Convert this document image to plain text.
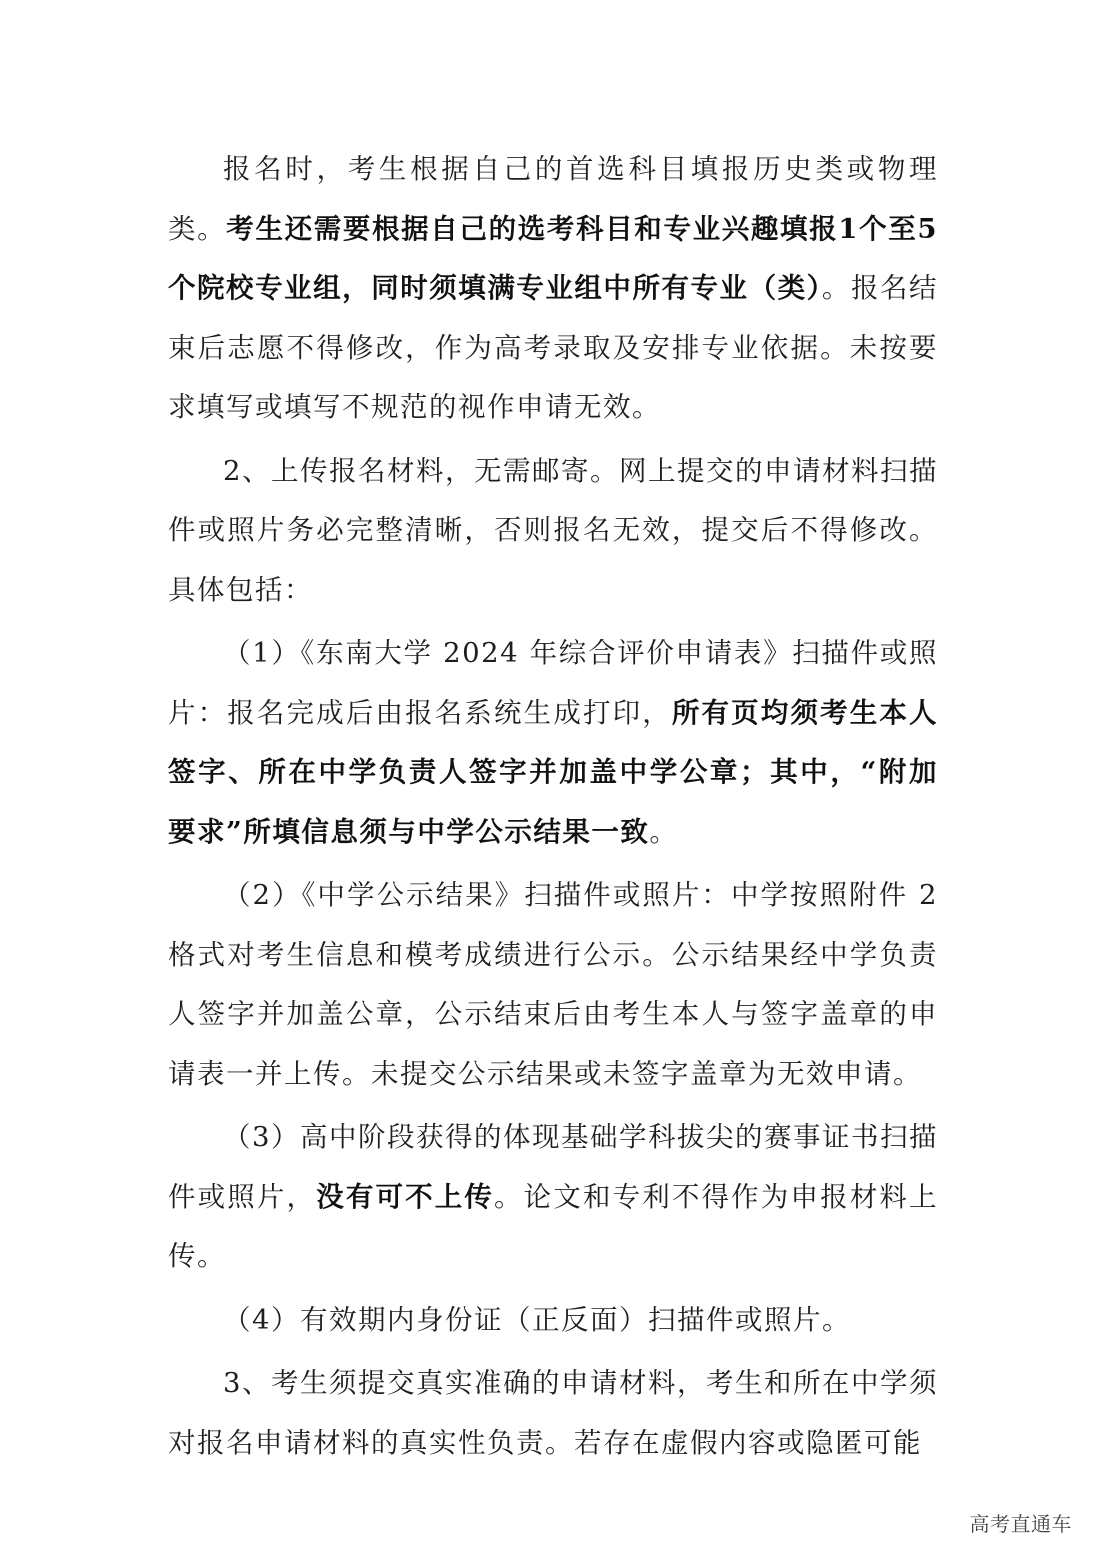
报名时，考生根据自己的首选科目填报历史类或物理类。考生还需要根据自己的选考科目和专业兴趣填报1个至5个院校专业组，同时须填满专业组中所有专业（类）。报名结束后志愿不得修改，作为高考录取及安排专业依据。未按要求填写或填写不规范的视作申请无效。

2、上传报名材料，无需邮寄。网上提交的申请材料扫描件或照片务必完整清晰，否则报名无效，提交后不得修改。具体包括：

（1）《东南大学 2024 年综合评价申请表》扫描件或照片：报名完成后由报名系统生成打印，所有页均须考生本人签字、所在中学负责人签字并加盖中学公章；其中，“附加要求”所填信息须与中学公示结果一致。

（2）《中学公示结果》扫描件或照片：中学按照附件 2 格式对考生信息和模考成绩进行公示。公示结果经中学负责人签字并加盖公章，公示结束后由考生本人与签字盖章的申请表一并上传。未提交公示结果或未签字盖章为无效申请。

（3）高中阶段获得的体现基础学科拔尖的赛事证书扫描件或照片，没有可不上传。论文和专利不得作为申报材料上传。

（4）有效期内身份证（正反面）扫描件或照片。

3、考生须提交真实准确的申请材料，考生和所在中学须对报名申请材料的真实性负责。若存在虚假内容或隐匿可能

高考直通车
